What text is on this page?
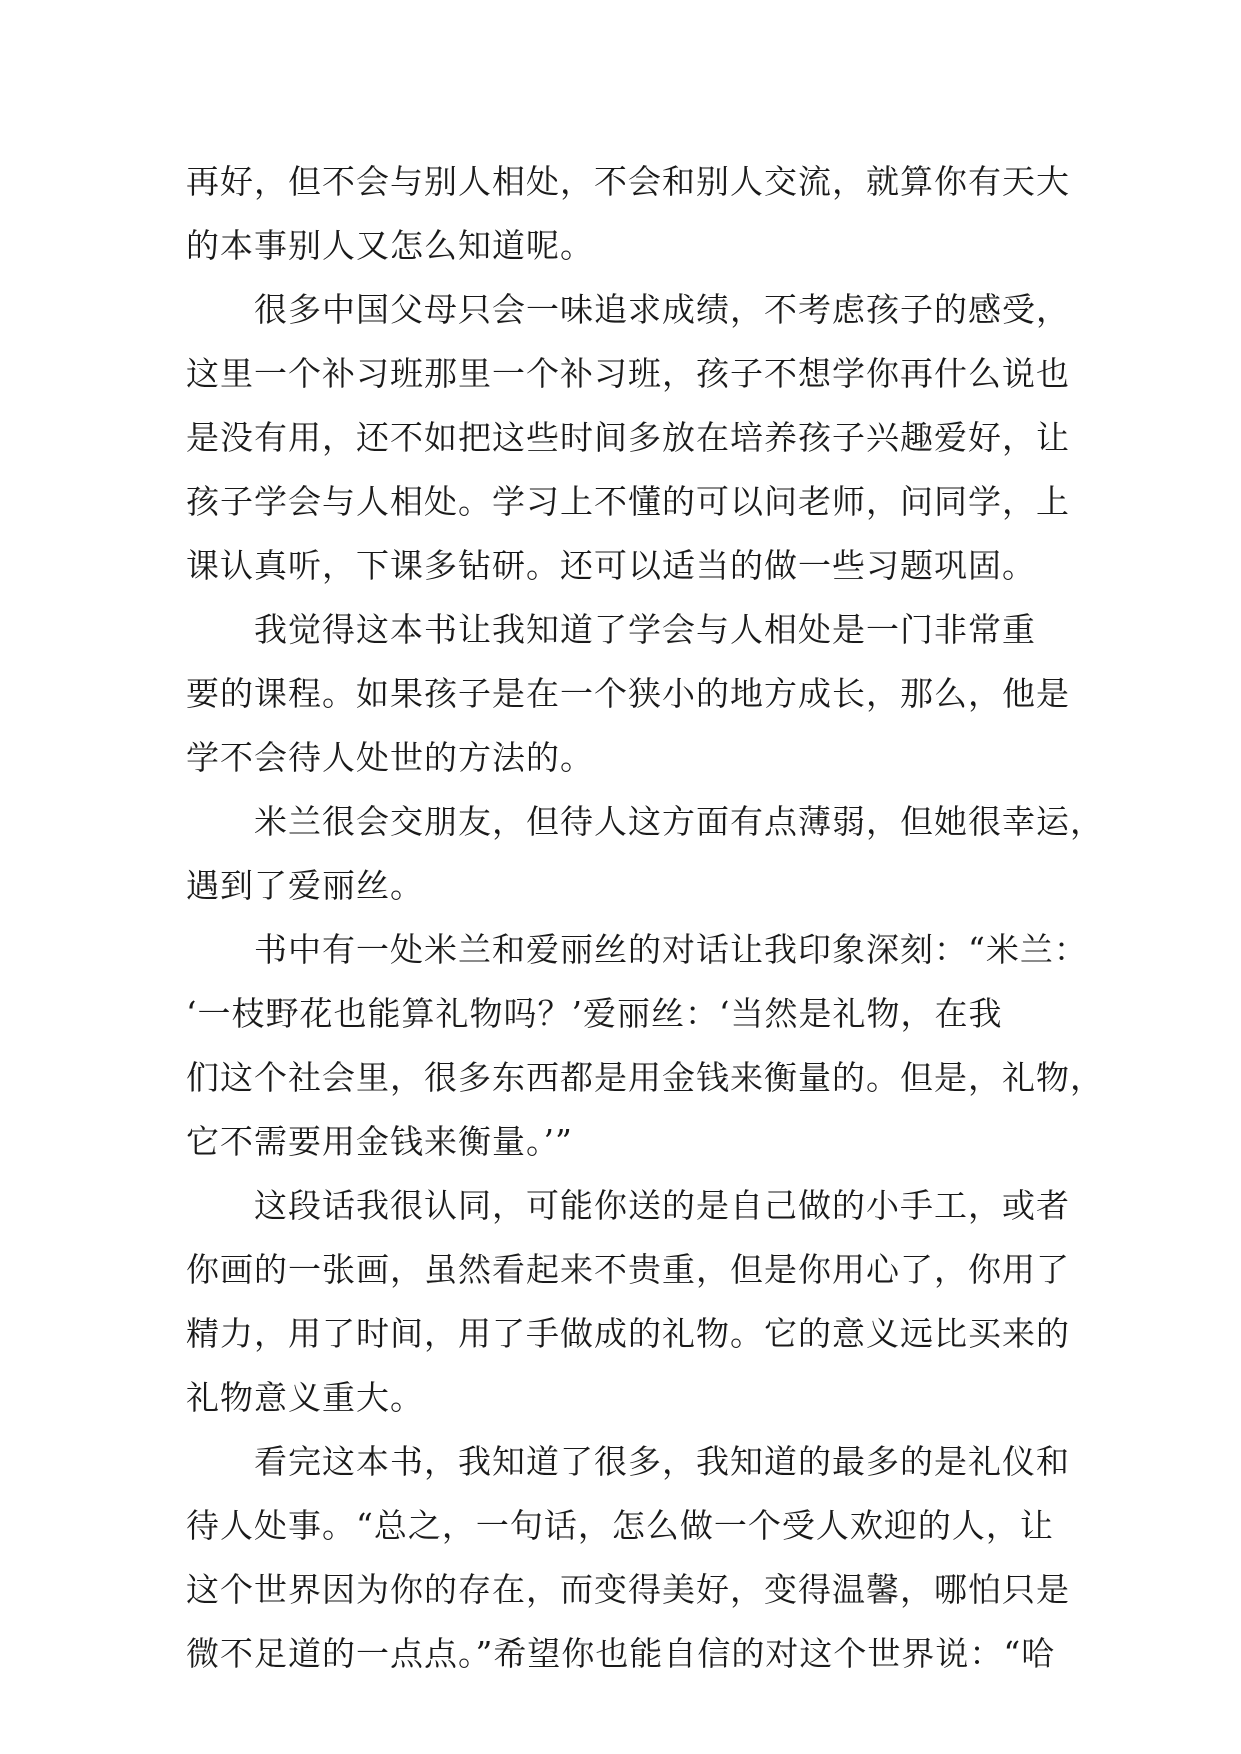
再好，但不会与别人相处，不会和别人交流，就算你有天大
的本事别人又怎么知道呢。

　　很多中国父母只会一味追求成绩，不考虑孩子的感受，
这里一个补习班那里一个补习班，孩子不想学你再什么说也
是没有用，还不如把这些时间多放在培养孩子兴趣爱好，让
孩子学会与人相处。学习上不懂的可以问老师，问同学，上
课认真听，下课多钻研。还可以适当的做一些习题巩固。

　　我觉得这本书让我知道了学会与人相处是一门非常重
要的课程。如果孩子是在一个狭小的地方成长，那么，他是
学不会待人处世的方法的。

　　米兰很会交朋友，但待人这方面有点薄弱，但她很幸运，
遇到了爱丽丝。

　　书中有一处米兰和爱丽丝的对话让我印象深刻：“米兰：
‘一枝野花也能算礼物吗？’爱丽丝：‘当然是礼物，在我
们这个社会里，很多东西都是用金钱来衡量的。但是，礼物，
它不需要用金钱来衡量。’”

　　这段话我很认同，可能你送的是自己做的小手工，或者
你画的一张画，虽然看起来不贵重，但是你用心了，你用了
精力，用了时间，用了手做成的礼物。它的意义远比买来的
礼物意义重大。

　　看完这本书，我知道了很多，我知道的最多的是礼仪和
待人处事。“总之，一句话，怎么做一个受人欢迎的人，让
这个世界因为你的存在，而变得美好，变得温馨，哪怕只是
微不足道的一点点。”希望你也能自信的对这个世界说：“哈
